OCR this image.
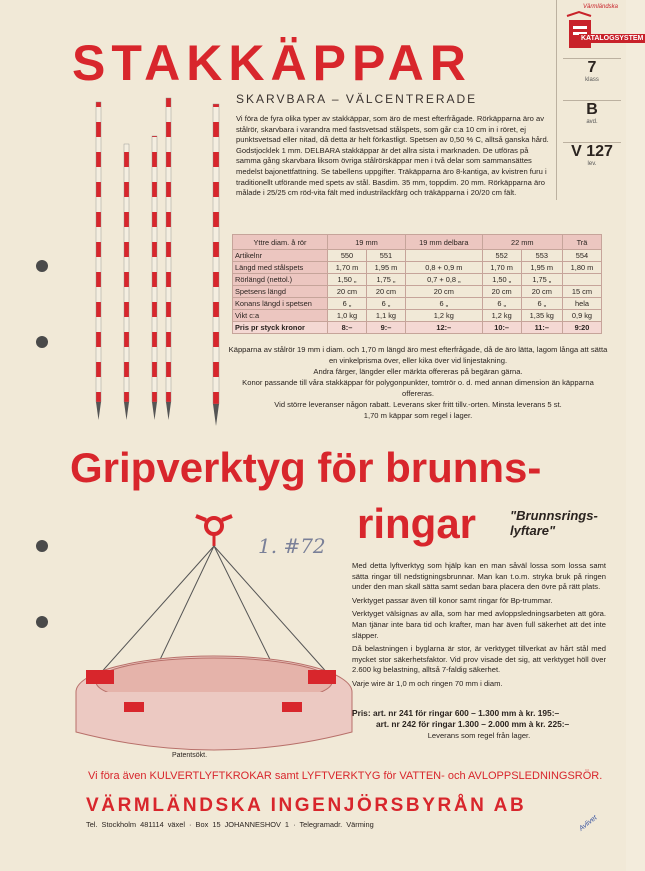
Värmländska
KATALOGSYSTEM
7
klass
B
avd.
V 127
lev.
STAKKÄPPAR
SKARVBARA – VÄLCENTRERADE
Vi föra de fyra olika typer av stakkäppar, som äro de mest efterfrågade. Rörkäpparna äro av stålrör, skarvbara i varandra med fastsvetsad stålspets, som går c:a 10 cm in i röret, ej punktsvetsad eller nitad, då detta är helt förkastligt. Spetsen av 0,50 % C, alltså ganska hård. Godstjocklek 1 mm. DELBARA stakkäppar är det allra sista i marknaden. De utföras på samma gång skarvbara liksom övriga stålrörskäppar men i två delar som sammansättes medelst bajonettfattning. Se tabellens uppgifter. Träkäpparna äro 8-kantiga, av kvistren furu i traditionellt utförande med spets av stål. Basdim. 35 mm, toppdim. 20 mm. Rörkäpparna äro målade i 25/25 cm röd-vita fält med industrilackfärg och träkäpparna i 20/20 cm fält.
Yttre diam. å rör	19 mm		19 mm delbara	22 mm		Trä
Artikelnr	550	551		552	553	554
Längd med stålspets	1,70 m	1,95 m	0,8 + 0,9 m	1,70 m	1,95 m	1,80 m
Rörlängd (nettol.)	1,50 „	1,75 „	0,7 + 0,8 „	1,50 „	1,75 „	
Spetsens längd	20 cm	20 cm	20 cm	20 cm	20 cm	15 cm
Konans längd i spetsen	6 „	6 „	6 „	6 „	6 „	hela
Vikt c:a	1,0 kg	1,1 kg	1,2 kg	1,2 kg	1,35 kg	0,9 kg
Pris pr styck kronor	8:–	9:–	12:–	10:–	11:–	9:20
Käpparna av stålrör 19 mm i diam. och 1,70 m längd äro mest efterfrågade, då de äro lätta, lagom långa att sätta en vinkelprisma över, eller kika över vid linjestakning.
Andra färger, längder eller märkta offereras på begäran gärna.
Konor passande till våra stakkäppar för polygonpunkter, tomtrör o. d. med annan dimension än käpparna offereras.
Vid större leveranser någon rabatt. Leverans sker fritt tillv.-orten. Minsta leverans 5 st.
1,70 m käppar som regel i lager.
Gripverktyg för brunns-
ringar	"Brunnsrings-lyftare"
1. #72
Patentsökt.

Med detta lyftverktyg som hjälp kan en man såväl lossa som lossa samt sätta ringar till nedstigningsbrunnar. Man kan t.o.m. stryka bruk på ringen under den man skall sätta samt sedan bara placera den övre på rätt plats.

Verktyget passar även till konor samt ringar för Bp-trummar.

Verktyget välsignas av alla, som har med avloppsledningsarbeten att göra. Man tjänar inte bara tid och krafter, man har även full säkerhet att det inte släpper.

Då belastningen i byglarna är stor, är verktyget tillverkat av hårt stål med mycket stor säkerhetsfaktor. Vid prov visade det sig, att verktyget höll över 2.600 kg belastning, alltså 7-faldig säkerhet.

Varje wire är 1,0 m och ringen 70 mm i diam.

Pris: art. nr 241 för ringar 600 – 1.300 mm à kr. 195:–
art. nr 242 för ringar 1.300 – 2.000 mm à kr. 225:–
Leverans som regel från lager.
Vi föra även KULVERTLYFTKROKAR samt LYFTVERKTYG för VATTEN- och AVLOPPSLEDNINGSRÖR.
VÄRMLÄNDSKA INGENJÖRSBYRÅN AB
Tel. Stockholm 481114 växel · Box 15 JOHANNESHOV 1 · Telegramadr. Värming	Avlivet
